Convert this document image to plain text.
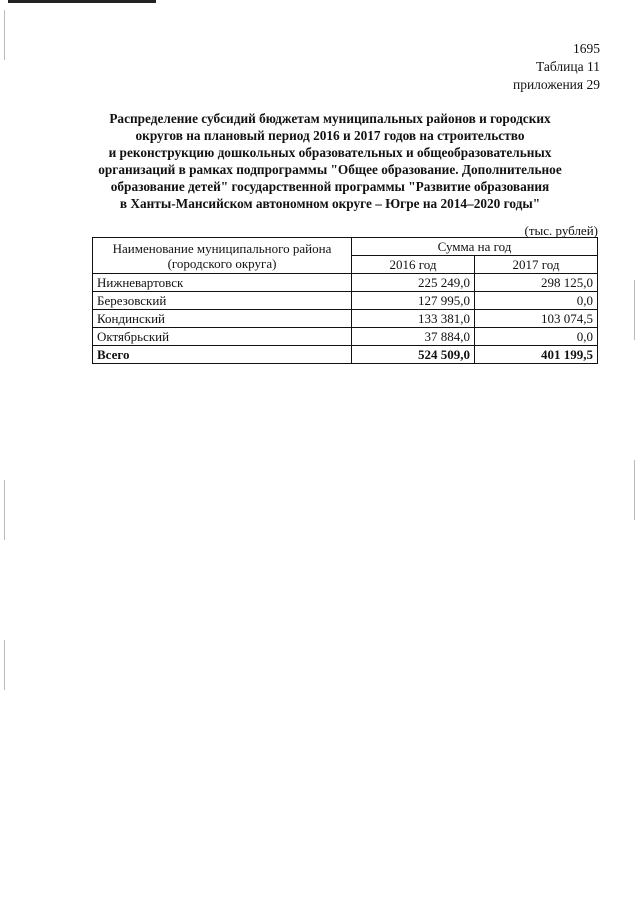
1695
Таблица 11
приложения 29
Распределение субсидий бюджетам муниципальных районов и городских
округов на плановый период 2016 и 2017 годов на строительство
и реконструкцию дошкольных образовательных и общеобразовательных
организаций в рамках подпрограммы "Общее образование. Дополнительное
образование детей" государственной программы "Развитие образования
в Ханты-Мансийском автономном округе – Югре на 2014–2020 годы"
(тыс. рублей)
Наименование муниципального района
(городского округа)	Сумма на год	
	2016 год	2017 год
Нижневартовск	225 249,0	298 125,0
Березовский	127 995,0	0,0
Кондинский	133 381,0	103 074,5
Октябрьский	37 884,0	0,0
Всего	524 509,0	401 199,5
